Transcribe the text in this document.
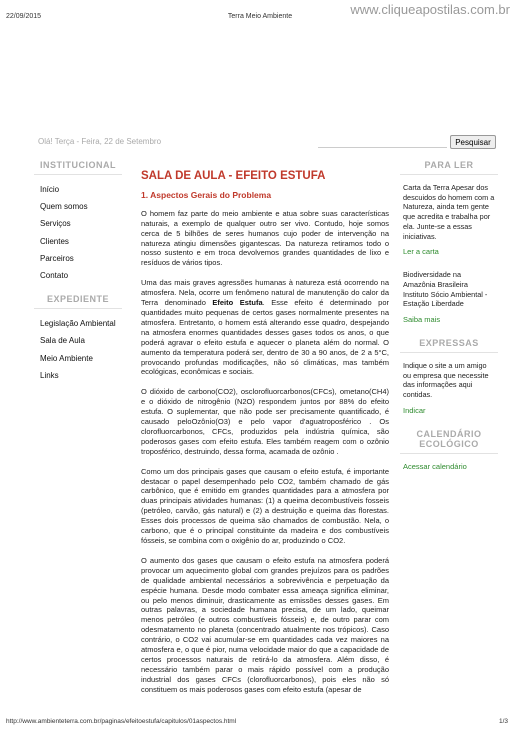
22/09/2015	Terra Meio Ambiente	www.cliqueapostilas.com.br
Olá! Terça - Feira, 22 de Setembro	Pesquisar
INSTITUCIONAL
Início
Quem somos
Serviços
Clientes
Parceiros
Contato
EXPEDIENTE
Legislação Ambiental
Sala de Aula
Meio Ambiente
Links
SALA DE AULA - EFEITO ESTUFA
1. Aspectos Gerais do Problema

O homem faz parte do meio ambiente e atua sobre suas características naturais, a exemplo de qualquer outro ser vivo. Contudo, hoje somos cerca de 5 bilhões de seres humanos cujo poder de intervenção na natureza atingiu dimensões gigantescas. Da natureza retiramos todo o nosso sustento e em troca devolvemos grandes quantidades de lixo e resíduos de vários tipos.

Uma das mais graves agressões humanas à natureza está ocorrendo na atmosfera. Nela, ocorre um fenômeno natural de manutenção do calor da Terra denominado Efeito Estufa. Esse efeito é determinado por quantidades muito pequenas de certos gases normalmente presentes na atmosfera. Entretanto, o homem está alterando esse quadro, despejando na atmosfera enormes quantidades desses gases todos os anos, o que poderá agravar o efeito estufa e aquecer o planeta além do normal. O aumento da temperatura poderá ser, dentro de 30 a 90 anos, de 2 a 5°C, provocando profundas modificações, não só climáticas, mas também ecológicas, econômicas e sociais.

O dióxido de carbono(CO2), osclorofluorcarbonos(CFCs), ometano(CH4) e o dióxido de nitrogênio (N2O) respondem juntos por 88% do efeito estufa. O suplementar, que não pode ser precisamente quantificado, é causado peloOzônio(O3) e pelo vapor d'aguatroposférico . Os clorofluorcarbonos, CFCs, produzidos pela indústria química, são poderosos gases com efeito estufa. Eles também reagem com o ozônio troposférico, destruindo, dessa forma, acamada de ozônio .

Como um dos principais gases que causam o efeito estufa, é importante destacar o papel desempenhado pelo CO2, também chamado de gás carbônico, que é emitido em grandes quantidades para a atmosfera por duas principais atividades humanas: (1) a queima decombustíveis fosseis (petróleo, carvão, gás natural) e (2) a destruição e queima das florestas. Esses dois processos de queima são chamados de combustão. Nela, o carbono, que é o principal constituinte da madeira e dos combustíveis fósseis, se combina com o oxigênio do ar, produzindo o CO2.

O aumento dos gases que causam o efeito estufa na atmosfera poderá provocar um aquecimento global com grandes prejuízos para os padrões de qualidade ambiental necessários a sobrevivência e perpetuação da espécie humana. Desde modo combater essa ameaça significa eliminar, ou pelo menos diminuir, drasticamente as emissões desses gases. Em outras palavras, a sociedade humana precisa, de um lado, queimar menos petróleo (e outros combustíveis fósseis) e, de outro parar com odesmatamento no planeta (concentrado atualmente nos trópicos). Caso contrário, o CO2 vai acumular-se em quantidades cada vez maiores na atmosfera e, o que é pior, numa velocidade maior do que a capacidade de certos processos naturais de retirá-lo da atmosfera. Além disso, é necessário também parar o mais rápido possível com a produção industrial dos gases CFCs (clorofluorcarbonos), pois eles não só constituem os mais poderosos gases com efeito estufa (apesar de

PARA LER
Carta da Terra Apesar dos descuidos do homem com a Natureza, ainda tem gente que acredita e trabalha por ela. Junte-se a essas iniciativas.
Ler a carta
Biodiversidade na Amazônia Brasileira Instituto Sócio Ambiental - Estação Liberdade
Saiba mais
EXPRESSAS
Indique o site a um amigo ou empresa que necessite das informações aqui contidas.
Indicar
CALENDÁRIO ECOLÓGICO
Acessar calendário
http://www.ambienteterra.com.br/paginas/efeitoestufa/capitulos/01aspectos.html	1/3
